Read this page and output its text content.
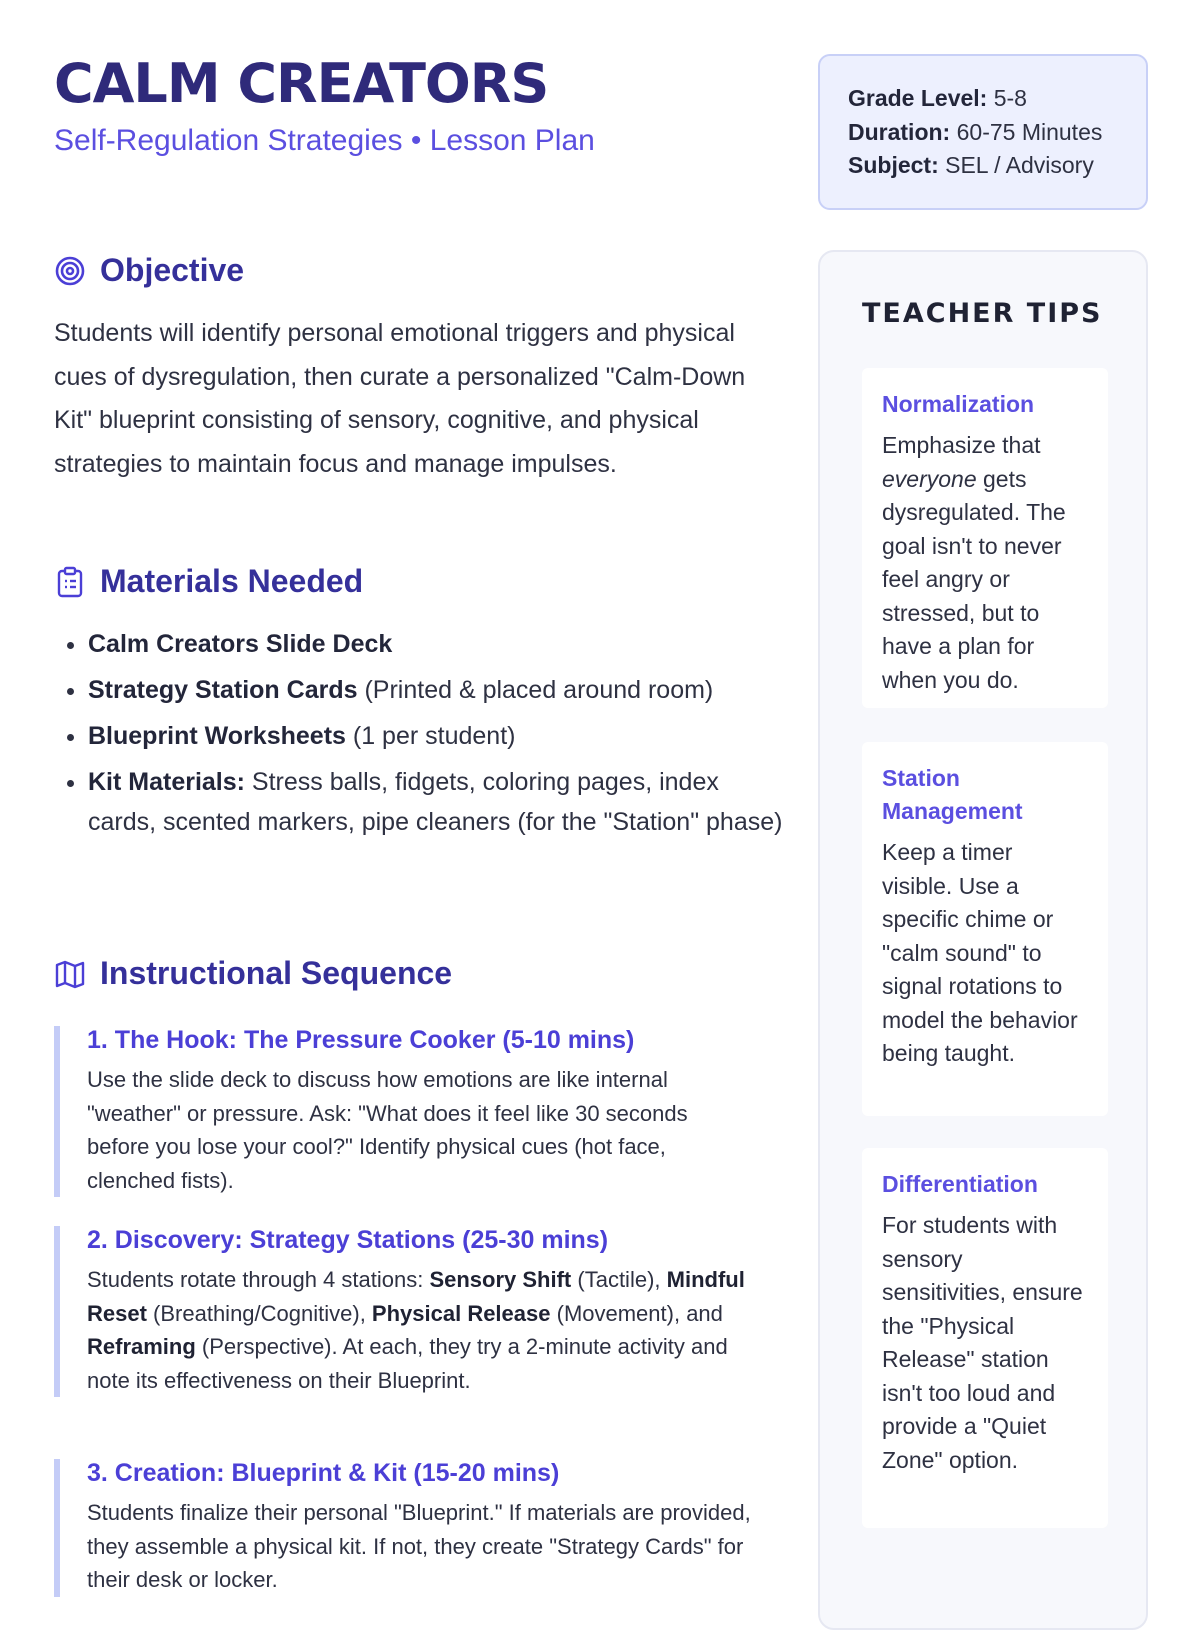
CALM CREATORS
Self-Regulation Strategies • Lesson Plan
Objective

Students will identify personal emotional triggers and physical cues of dysregulation, then curate a personalized "Calm-Down Kit" blueprint consisting of sensory, cognitive, and physical strategies to maintain focus and manage impulses.

Materials Needed
• Calm Creators Slide Deck
• Strategy Station Cards (Printed & placed around room)
• Blueprint Worksheets (1 per student)
• Kit Materials: Stress balls, fidgets, coloring pages, index cards, scented markers, pipe cleaners (for the "Station" phase)
Instructional Sequence
1. The Hook: The Pressure Cooker (5-10 mins)

Use the slide deck to discuss how emotions are like internal "weather" or pressure. Ask: "What does it feel like 30 seconds before you lose your cool?" Identify physical cues (hot face, clenched fists).

2. Discovery: Strategy Stations (25-30 mins)

Students rotate through 4 stations: Sensory Shift (Tactile), Mindful Reset (Breathing/Cognitive), Physical Release (Movement), and Reframing (Perspective). At each, they try a 2-minute activity and note its effectiveness on their Blueprint.

3. Creation: Blueprint & Kit (15-20 mins)

Students finalize their personal "Blueprint." If materials are provided, they assemble a physical kit. If not, they create "Strategy Cards" for their desk or locker.

Grade Level: 5-8
Duration: 60-75 Minutes
Subject: SEL / Advisory
TEACHER TIPS
Normalization

Emphasize that everyone gets dysregulated. The goal isn't to never feel angry or stressed, but to have a plan for when you do.

Station Management

Keep a timer visible. Use a specific chime or "calm sound" to signal rotations to model the behavior being taught.

Differentiation

For students with sensory sensitivities, ensure the "Physical Release" station isn't too loud and provide a "Quiet Zone" option.
